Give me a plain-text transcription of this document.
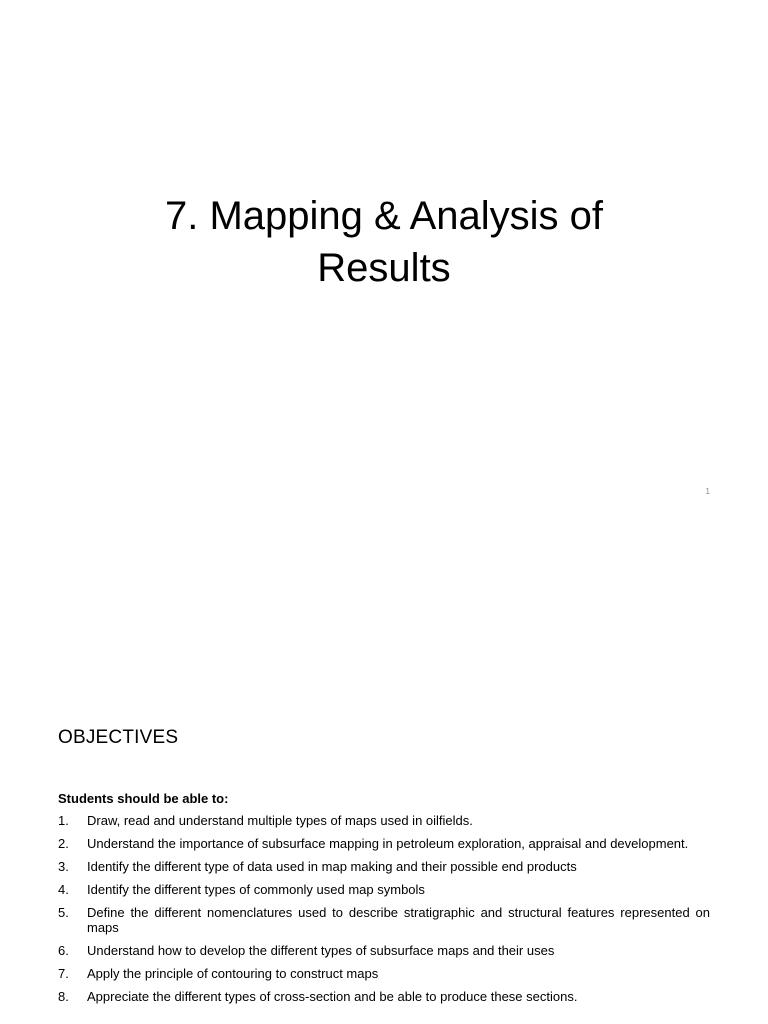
7. Mapping & Analysis of
Results
1
OBJECTIVES
Students should be able to:
1. Draw, read and understand multiple types of maps used in oilfields.
2. Understand the importance of subsurface mapping in petroleum exploration, appraisal and development.
3. Identify the different type of data used in map making and their possible end products
4. Identify the different types of commonly used map symbols
5. Define the different nomenclatures used to describe stratigraphic and structural features represented on maps
6. Understand how to develop the different types of subsurface maps and their uses
7. Apply the principle of contouring to construct maps
8. Appreciate the different types of cross-section and be able to produce these sections.
